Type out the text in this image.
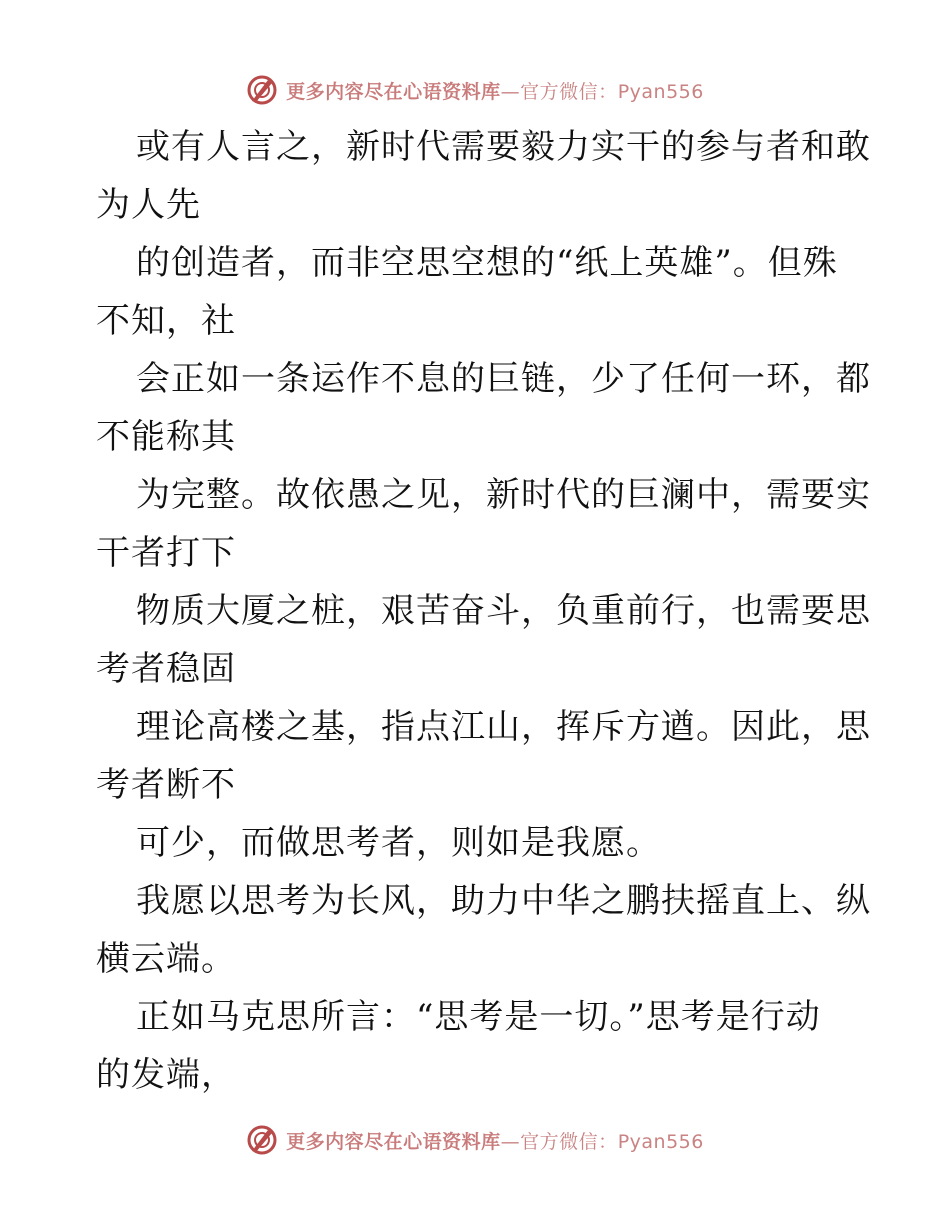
更多内容尽在心语资料库—官方微信：Pyan556
或有人言之，新时代需要毅力实干的参与者和敢
为人先
的创造者，而非空思空想的“纸上英雄”。但殊
不知，社
会正如一条运作不息的巨链，少了任何一环，都
不能称其
为完整。故依愚之见，新时代的巨澜中，需要实
干者打下
物质大厦之桩，艰苦奋斗，负重前行，也需要思
考者稳固
理论高楼之基，指点江山，挥斥方遒。因此，思
考者断不
可少，而做思考者，则如是我愿。
我愿以思考为长风，助力中华之鹏扶摇直上、纵
横云端。
正如马克思所言：“思考是一切。”思考是行动
的发端，
更多内容尽在心语资料库—官方微信：Pyan556
